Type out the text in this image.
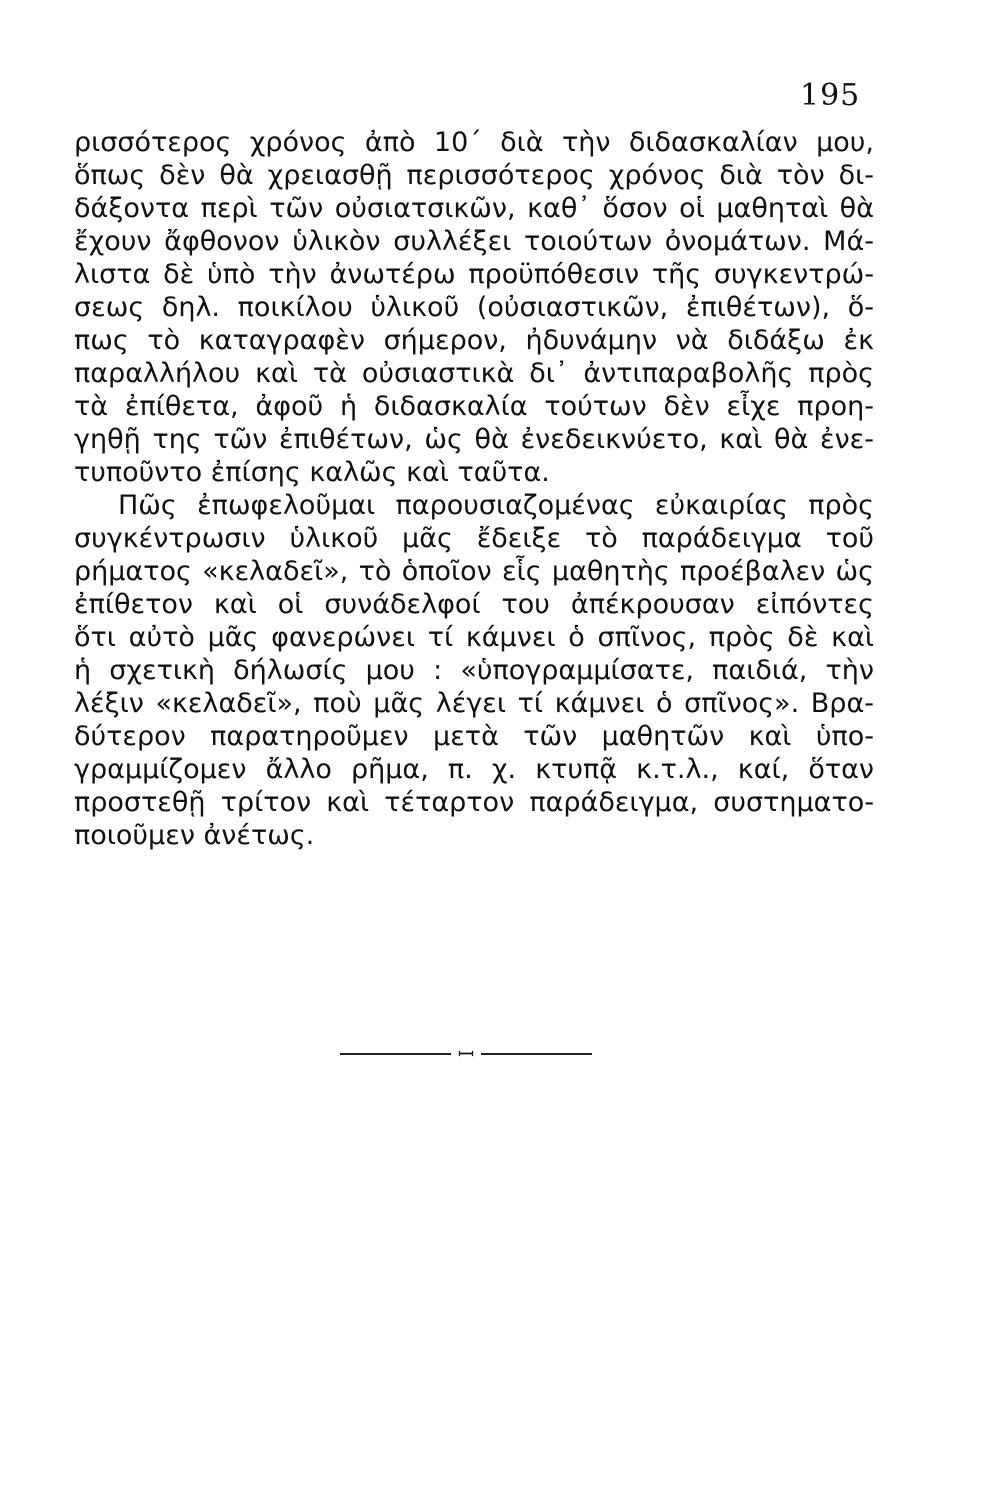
195
ρισσότερος χρόνος ἀπὸ 10΄ διὰ τὴν διδασκαλίαν μου,
ὅπως δὲν θὰ χρειασθῇ περισσότερος χρόνος διὰ τὸν δι-
δάξοντα περὶ τῶν οὐσιατσικῶν, καθ᾽ ὅσον οἱ μαθηταὶ θὰ
ἔχουν ἄφθονον ὑλικὸν συλλέξει τοιούτων ὀνομάτων. Μά-
λιστα δὲ ὑπὸ τὴν ἀνωτέρω προϋπόθεσιν τῆς συγκεντρώ-
σεως δηλ. ποικίλου ὑλικοῦ (οὐσιαστικῶν, ἐπιθέτων), ὅ-
πως τὸ καταγραφὲν σήμερον, ἠδυνάμην νὰ διδάξω ἐκ
παραλλήλου καὶ τὰ οὐσιαστικὰ δι᾽ ἀντιπαραβολῆς πρὸς
τὰ ἐπίθετα, ἀφοῦ ἡ διδασκαλία τούτων δὲν εἶχε προη-
γηθῇ της τῶν ἐπιθέτων, ὡς θὰ ἐνεδεικνύετο, καὶ θὰ ἐνε-
τυποῦντο ἐπίσης καλῶς καὶ ταῦτα.
Πῶς ἐπωφελοῦμαι παρουσιαζομένας εὐκαιρίας πρὸς
συγκέντρωσιν ὑλικοῦ μᾶς ἔδειξε τὸ παράδειγμα τοῦ
ρήματος «κελαδεῖ», τὸ ὁποῖον εἷς μαθητὴς προέβαλεν ὡς
ἐπίθετον καὶ οἱ συνάδελφοί του ἀπέκρουσαν εἰπόντες
ὅτι αὐτὸ μᾶς φανερώνει τί κάμνει ὁ σπῖνος, πρὸς δὲ καὶ
ἡ σχετικὴ δήλωσίς μου : «ὑπογραμμίσατε, παιδιά, τὴν
λέξιν «κελαδεῖ», ποὺ μᾶς λέγει τί κάμνει ὁ σπῖνος». Βρα-
δύτερον παρατηροῦμεν μετὰ τῶν μαθητῶν καὶ ὑπο-
γραμμίζομεν ἄλλο ρῆμα, π. χ. κτυπᾷ κ.τ.λ., καί, ὅταν
προστεθῇ τρίτον καὶ τέταρτον παράδειγμα, συστηματο-
ποιοῦμεν ἀνέτως.
ꟷ
